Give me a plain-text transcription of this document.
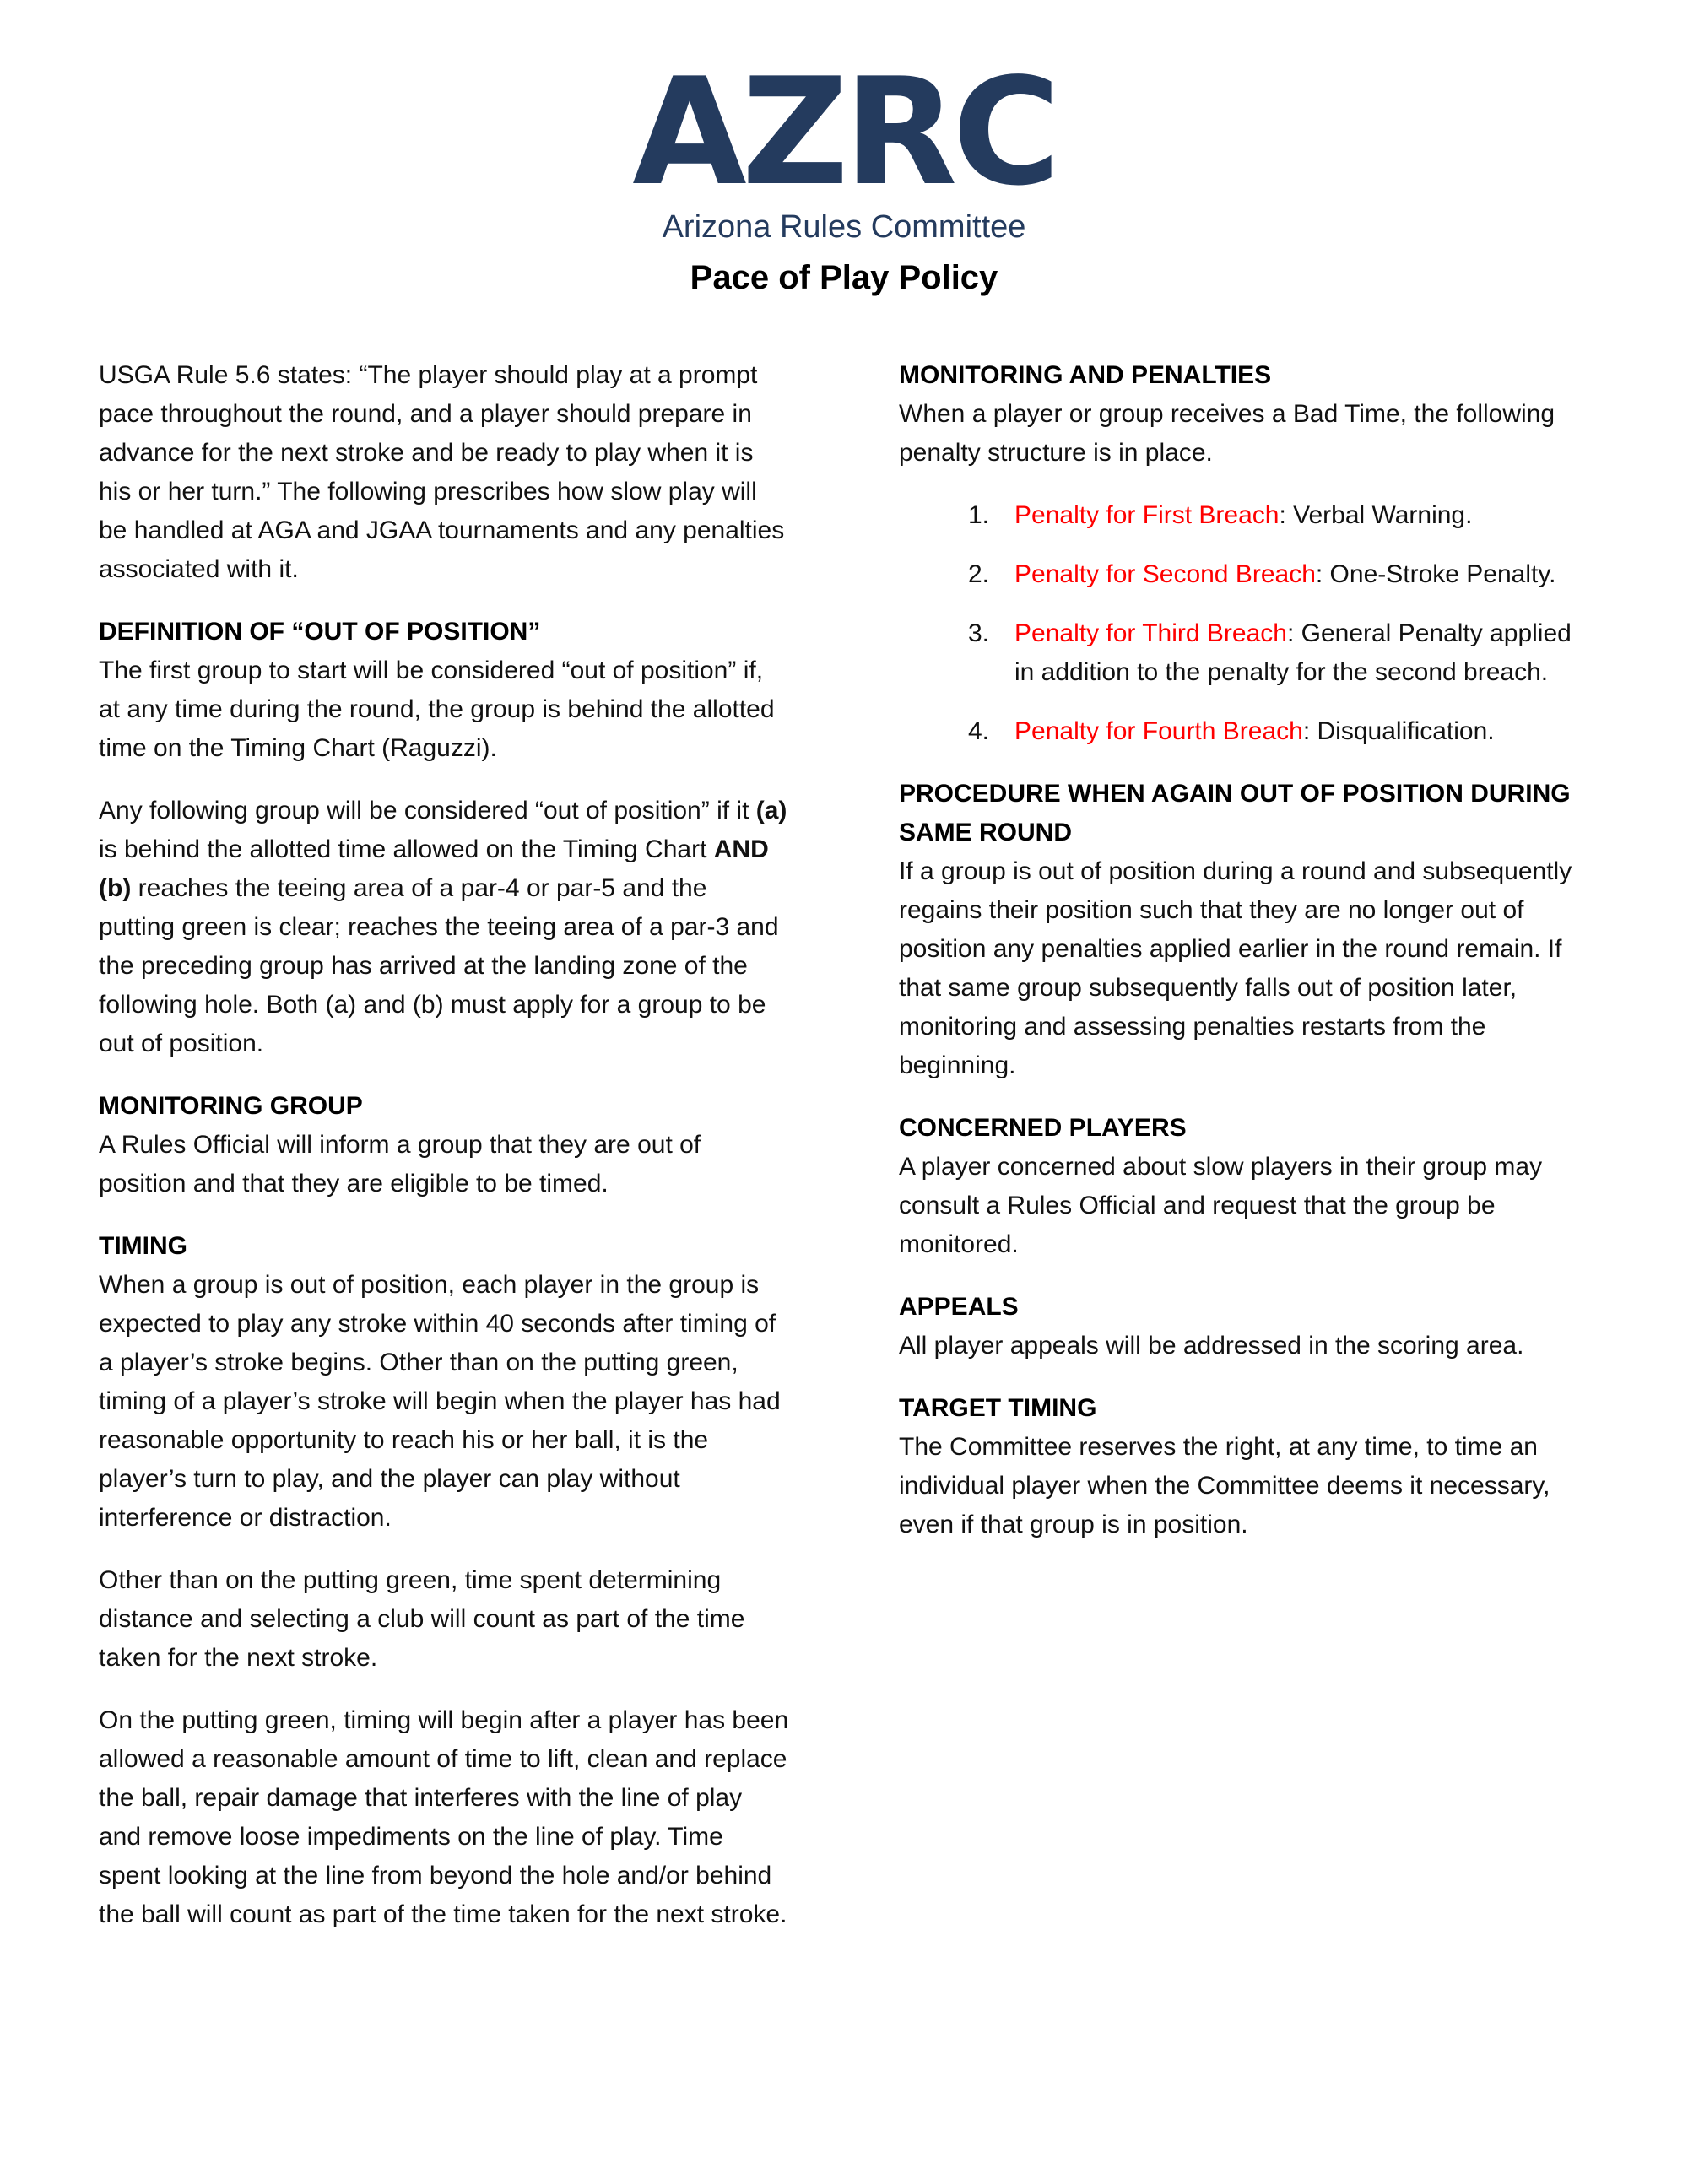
AZRC
Arizona Rules Committee
Pace of Play Policy

USGA Rule 5.6 states: “The player should play at a prompt pace throughout the round, and a player should prepare in advance for the next stroke and be ready to play when it is his or her turn.” The following prescribes how slow play will be handled at AGA and JGAA tournaments and any penalties associated with it.

DEFINITION OF “OUT OF POSITION”

The first group to start will be considered “out of position” if, at any time during the round, the group is behind the allotted time on the Timing Chart (Raguzzi).

Any following group will be considered “out of position” if it (a) is behind the allotted time allowed on the Timing Chart AND (b) reaches the teeing area of a par-4 or par-5 and the putting green is clear; reaches the teeing area of a par-3 and the preceding group has arrived at the landing zone of the following hole. Both (a) and (b) must apply for a group to be out of position.

MONITORING GROUP

A Rules Official will inform a group that they are out of position and that they are eligible to be timed.

TIMING

When a group is out of position, each player in the group is expected to play any stroke within 40 seconds after timing of a player’s stroke begins. Other than on the putting green, timing of a player’s stroke will begin when the player has had reasonable opportunity to reach his or her ball, it is the player’s turn to play, and the player can play without interference or distraction.

Other than on the putting green, time spent determining distance and selecting a club will count as part of the time taken for the next stroke.

On the putting green, timing will begin after a player has been allowed a reasonable amount of time to lift, clean and replace the ball, repair damage that interferes with the line of play and remove loose impediments on the line of play. Time spent looking at the line from beyond the hole and/or behind the ball will count as part of the time taken for the next stroke.

MONITORING AND PENALTIES

When a player or group receives a Bad Time, the following penalty structure is in place.

1. Penalty for First Breach: Verbal Warning.
2. Penalty for Second Breach: One-Stroke Penalty.
3. Penalty for Third Breach: General Penalty applied in addition to the penalty for the second breach.
4. Penalty for Fourth Breach: Disqualification.
PROCEDURE WHEN AGAIN OUT OF POSITION DURING SAME ROUND

If a group is out of position during a round and subsequently regains their position such that they are no longer out of position any penalties applied earlier in the round remain. If that same group subsequently falls out of position later, monitoring and assessing penalties restarts from the beginning.

CONCERNED PLAYERS

A player concerned about slow players in their group may consult a Rules Official and request that the group be monitored.

APPEALS

All player appeals will be addressed in the scoring area.

TARGET TIMING

The Committee reserves the right, at any time, to time an individual player when the Committee deems it necessary, even if that group is in position.
